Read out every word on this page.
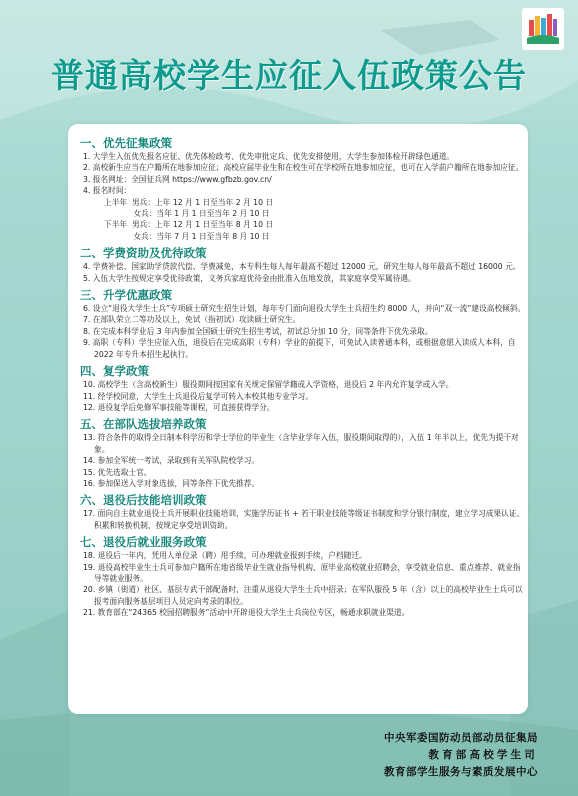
普通高校学生应征入伍政策公告
一、优先征集政策
1. 大学生入伍优先报名应征、优先体检政考、优先审批定兵、优先安排使用，大学生参加体检开辟绿色通道。
2. 高校新生应当在户籍所在地参加应征；高校应届毕业生和在校生可在学校所在地参加应征，也可在入学前户籍所在地参加应征。
3. 报名网址：全国征兵网 https://www.gfbzb.gov.cn/
4. 报名时间：
上半年  男兵：上年 12 月 1 日至当年 2 月 10 日
女兵：当年 1 月 1 日至当年 2 月 10 日
下半年  男兵：上年 12 月 1 日至当年 8 月 10 日
女兵：当年 7 月 1 日至当年 8 月 10 日
二、学费资助及优待政策
4. 学费补偿、国家助学贷款代偿、学费减免，本专科生每人每年最高不超过 12000 元，研究生每人每年最高不超过 16000 元。
5. 入伍大学生按规定享受优待政策，义务兵家庭优待金由批准入伍地发放，其家庭享受军属待遇。
三、升学优惠政策
6. 设立“退役大学生士兵”专项硕士研究生招生计划，每年专门面向退役大学生士兵招生约 8000 人，并向“双一流”建设高校倾斜。
7. 在部队荣立二等功及以上，免试（指初试）攻读硕士研究生。
8. 在完成本科学业后 3 年内参加全国硕士研究生招生考试，初试总分加 10 分，同等条件下优先录取。
9. 高职（专科）学生应征入伍，退役后在完成高职（专科）学业的前提下，可免试入读普通本科，或根据意愿入读成人本科，自 2022 年专升本招生起执行。
四、复学政策
10. 高校学生（含高校新生）服役期间按国家有关规定保留学籍或入学资格，退役后 2 年内允许复学或入学。
11. 经学校同意，大学生士兵退役后复学可转入本校其他专业学习。
12. 退役复学后免修军事技能等课程，可直接获得学分。
五、在部队选拔培养政策
13. 符合条件的取得全日制本科学历和学士学位的毕业生（含毕业学年入伍，服役期间取得的），入伍 1 年半以上，优先为提干对象。
14. 参加全军统一考试，录取到有关军队院校学习。
15. 优先选取士官。
16. 参加保送入学对象选拔，同等条件下优先推荐。
六、退役后技能培训政策
17. 面向自主就业退役士兵开展职业技能培训，实施学历证书 + 若干职业技能等级证书制度和学分银行制度，建立学习成果认证、积累和转换机制，按规定享受培训资助。
七、退役后就业服务政策
18. 退役后一年内，凭用人单位录（聘）用手续，可办理就业报到手续，户档随迁。
19. 退役高校毕业生士兵可参加户籍所在地省级毕业生就业指导机构、原毕业高校就业招聘会，享受就业信息、重点推荐、就业指导等就业服务。
20. 乡镇（街道）社区、基层专武干部配备时，注重从退役大学生士兵中招录；在军队服役 5 年（含）以上的高校毕业生士兵可以报考面向服务基层项目人员定向考录的职位。
21. 教育部在“24365 校园招聘服务”活动中开辟退役大学生士兵岗位专区，畅通求职就业渠道。
中央军委国防动员部动员征集局
教育部高校学生司
教育部学生服务与素质发展中心
